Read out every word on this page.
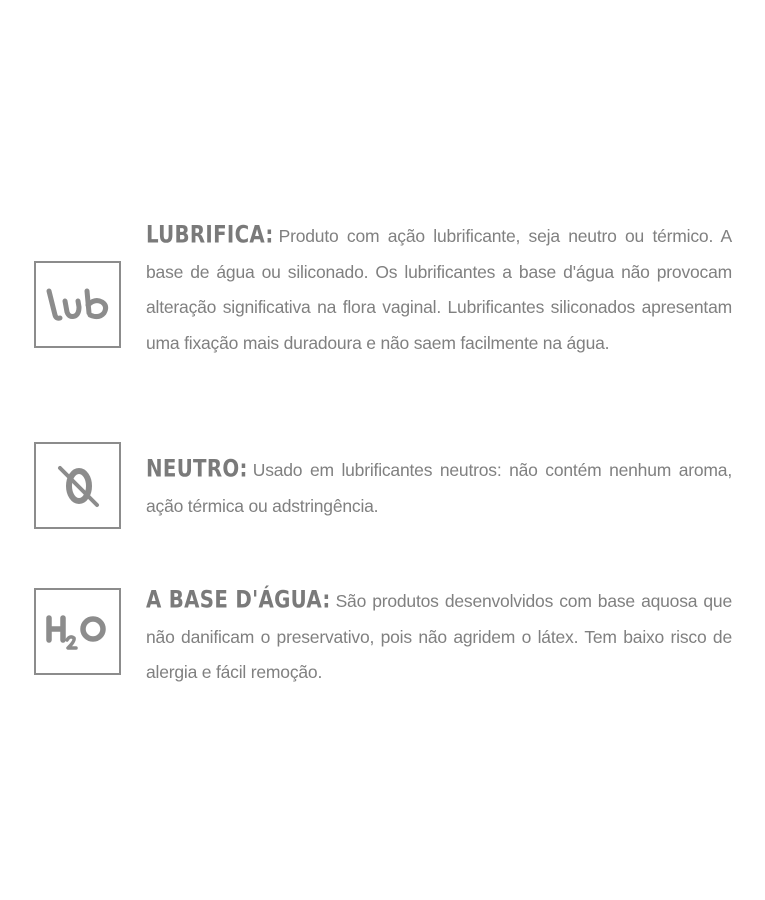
LUBRIFICA: Produto com ação lubrificante, seja neutro ou térmico. A base de água ou siliconado. Os lubrificantes a base d'água não provocam alteração significativa na flora vaginal. Lubrificantes siliconados apresentam uma fixação mais duradoura e não saem facilmente na água.

NEUTRO: Usado em lubrificantes neutros: não contém nenhum aroma, ação térmica ou adstringência.

A BASE D'ÁGUA: São produtos desenvolvidos com base aquosa que não danificam o preservativo, pois não agridem o látex. Tem baixo risco de alergia e fácil remoção.
